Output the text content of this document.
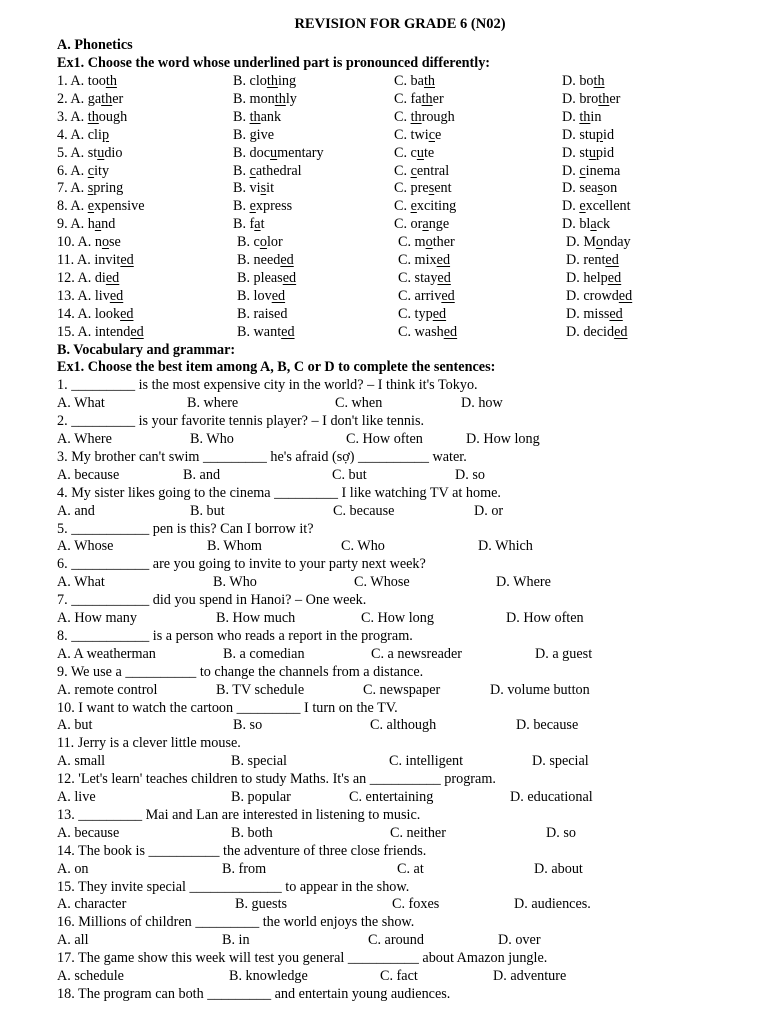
REVISION FOR GRADE 6 (N02)
A. Phonetics
Ex1. Choose the word whose underlined part is pronounced differently:
B. Vocabulary and grammar:
Ex1. Choose the best item among A, B, C or D to complete the sentences:
18. The program can both _________ and entertain young audiences.
1. A. tooth	B. clothing	C. bath	D. both
2. A. gather	B. monthly	C. father	D. brother
3. A. though	B. thank	C. through	D. thin
4. A. clip	B. give	C. twice	D. stupid
5. A. studio	B. documentary	C. cute	D. stupid
6. A. city	B. cathedral	C. central	D. cinema
7. A. spring	B. visit	C. present	D. season
8. A. expensive	B. express	C. exciting	D. excellent
9. A. hand	B. fat	C. orange	D. black
10. A. nose	B. color	C. mother	D. Monday
11. A. invited	B. needed	C. mixed	D. rented
12. A. died	B. pleased	C. stayed	D. helped
13. A. lived	B. loved	C. arrived	D. crowded
14. A. looked	B. raised	C. typed	D. missed
15. A. intended	B. wanted	C. washed	D. decided
1. _________ is the most expensive city in the world? – I think it's Tokyo.
A. What	B. where	C. when	D. how
2. _________ is your favorite tennis player? – I don't like tennis.
A. Where	B. Who	C. How often	D. How long
3. My brother can't swim _________ he's afraid (sợ) __________ water.
A. because	B. and	C. but	D. so
4. My sister likes going to the cinema _________ I like watching TV at home.
A. and	B. but	C. because	D. or
5. ___________ pen is this? Can I borrow it?
A. Whose	B. Whom	C. Who	D. Which
6. ___________ are you going to invite to your party next week?
A. What	B. Who	C. Whose	D. Where
7. ___________ did you spend in Hanoi? – One week.
A. How many	B. How much	C. How long	D. How often
8. ___________ is a person who reads a report in the program.
A. A weatherman	B. a comedian	C. a newsreader	D. a guest
9. We use a __________ to change the channels from a distance.
A. remote control	B. TV schedule	C. newspaper	D. volume button
10. I want to watch the cartoon _________ I turn on the TV.
A. but	B. so	C. although	D. because
11. Jerry is a clever little mouse.
A. small	B. special	C. intelligent	D. special
12. 'Let's learn' teaches children to study Maths. It's an __________ program.
A. live	B. popular	C. entertaining	D. educational
13. _________ Mai and Lan are interested in listening to music.
A. because	B. both	C. neither	D. so
14. The book is __________ the adventure of three close friends.
A. on	B. from	C. at	D. about
15. They invite special _____________ to appear in the show.
A. character	B. guests	C. foxes	D. audiences.
16. Millions of children _________ the world enjoys the show.
A. all	B. in	C. around	D. over
17. The game show this week will test you general __________ about Amazon jungle.
A. schedule	B. knowledge	C. fact	D. adventure
